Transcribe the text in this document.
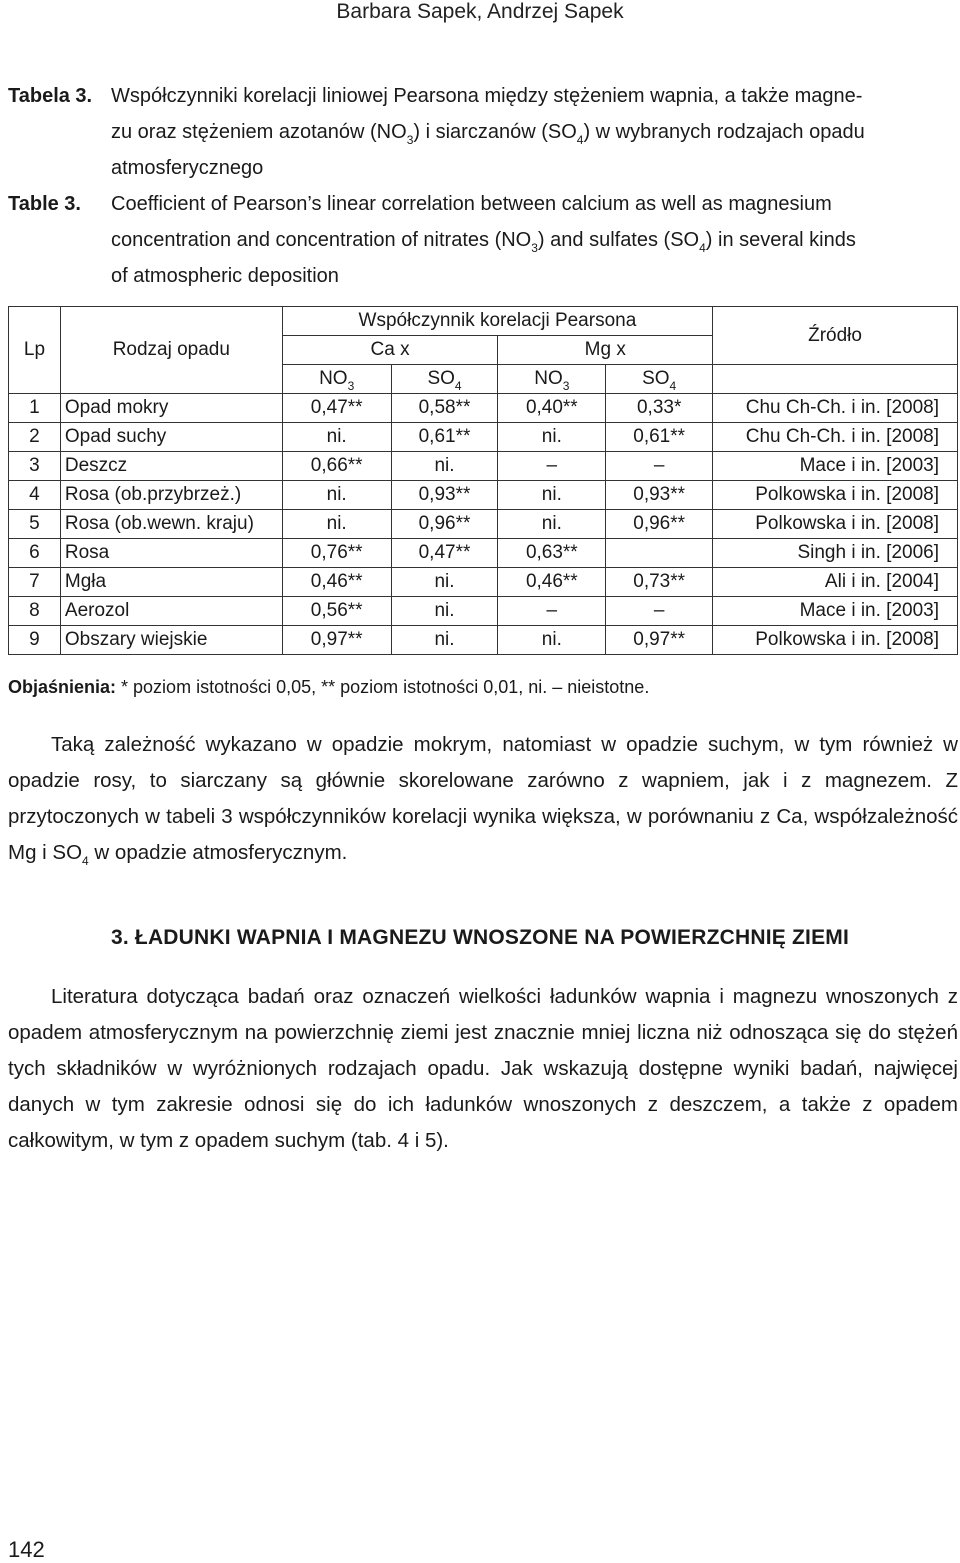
Barbara Sapek, Andrzej Sapek
Tabela 3. Współczynniki korelacji liniowej Pearsona między stężeniem wapnia, a także magne-
zu oraz stężeniem azotanów $(NO_3)$ i siarczanów $(SO_4)$ w wybranych rodzajach opadu
atmosferycznego
Table 3. Coefficient of Pearson’s linear correlation between calcium as well as magnesium
concentration and concentration of nitrates $(NO_3)$ and sulfates $(SO_4)$ in several kinds
of atmospheric deposition
Lp	Rodzaj opadu	Współczynnik korelacji Pearsona				Źródło
		Ca x		Mg x		
		$NO_3$	$SO_4$	$NO_3$	$SO_4$	
1	Opad mokry	0,47**	0,58**	0,40**	0,33*	Chu Ch-Ch. i in. [2008]
2	Opad suchy	ni.	0,61**	ni.	0,61**	Chu Ch-Ch. i in. [2008]
3	Deszcz	0,66**	ni.	–	–	Mace i in. [2003]
4	Rosa (ob.przybrzeż.)	ni.	0,93**	ni.	0,93**	Polkowska i in. [2008]
5	Rosa (ob.wewn. kraju)	ni.	0,96**	ni.	0,96**	Polkowska i in. [2008]
6	Rosa	0,76**	0,47**	0,63**		Singh i in. [2006]
7	Mgła	0,46**	ni.	0,46**	0,73**	Ali i in. [2004]
8	Aerozol	0,56**	ni.	–	–	Mace i in. [2003]
9	Obszary wiejskie	0,97**	ni.	ni.	0,97**	Polkowska i in. [2008]
Objaśnienia: * poziom istotności 0,05, ** poziom istotności 0,01, ni. – nieistotne.

Taką zależność wykazano w opadzie mokrym, natomiast w opadzie suchym, w tym również w opadzie rosy, to siarczany są głównie skorelowane zarówno z wapniem, jak i z magnezem. Z przytoczonych w tabeli 3 współczynników korelacji wynika większa, w porównaniu z Ca, współzależność Mg i $SO_4$ w opadzie atmosferycznym.

3. ŁADUNKI WAPNIA I MAGNEZU WNOSZONE NA POWIERZCHNIĘ ZIEMI

Literatura dotycząca badań oraz oznaczeń wielkości ładunków wapnia i magnezu wnoszonych z opadem atmosferycznym na powierzchnię ziemi jest znacznie mniej liczna niż odnosząca się do stężeń tych składników w wyróżnionych rodzajach opadu. Jak wskazują dostępne wyniki badań, najwięcej danych w tym zakresie odnosi się do ich ładunków wnoszonych z deszczem, a także z opadem całkowitym, w tym z opadem suchym (tab. 4 i 5).

142
